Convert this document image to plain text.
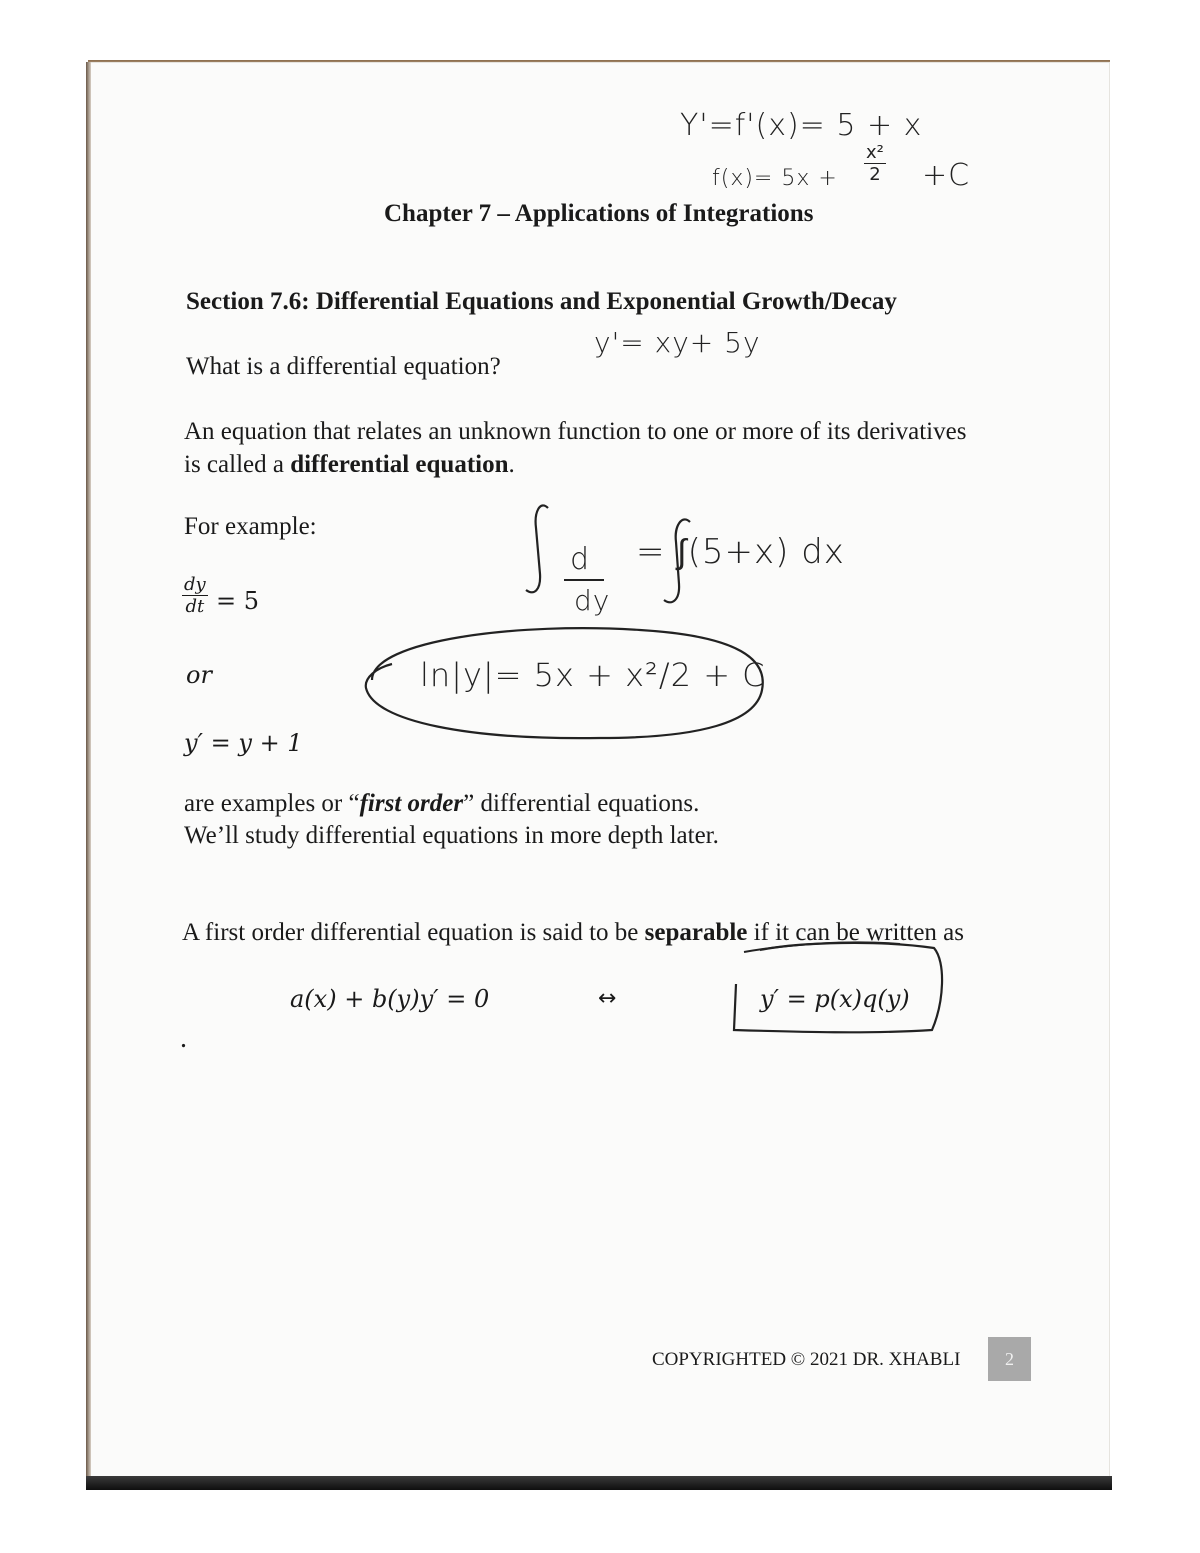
Y'=f'(x)= 5 + x
$f(x)= 5x + \frac{\text{x²}}{2} +C$
y'= xy+ 5y
Chapter 7 – Applications of Integrations
Section 7.6: Differential Equations and Exponential Growth/Decay
What is a differential equation?
An equation that relates an unknown function to one or more of its derivatives
is called a differential equation.
For example:
$\frac{dy}{dt} = 5$
or
y′ = y + 1
are examples or “first order” differential equations.
We’ll study differential equations in more depth later.
d
dy
= ∫(5+x) dx
ln|y|= 5x + x²/2 + C
A first order differential equation is said to be separable if it can be written as
a(x) + b(y)y′ = 0	↔	y′ = p(x)q(y)
.
COPYRIGHTED © 2021 DR. XHABLI	2
